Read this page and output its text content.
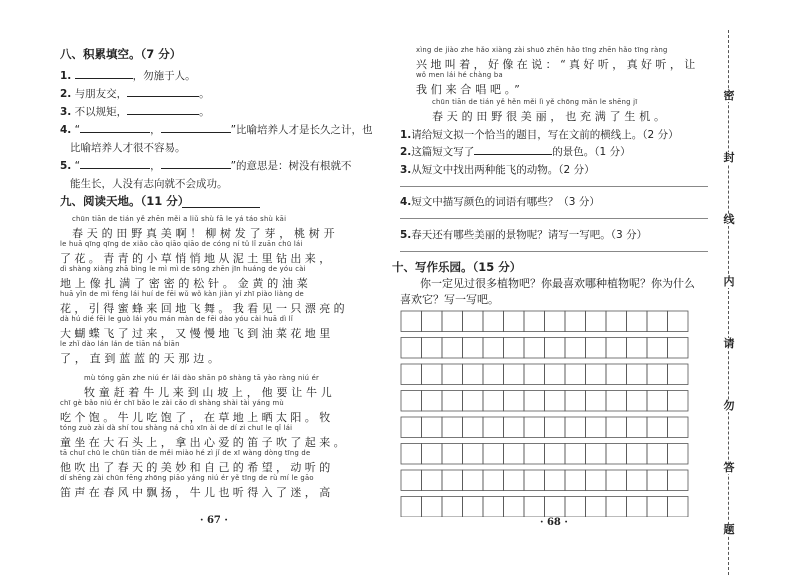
八、积累填空。（7 分）
1.	，勿施于人。
2. 与朋友交，	。
3. 不以规矩，	。
4. “	，	”比喻培养人才是长久之计，也
比喻培养人才很不容易。
5. “	，	”的意思是：树没有根就不
能生长，人没有志向就不会成功。
九、阅读天地。（11 分）
chūn tiān de tián yě zhēn měi a liǔ shù fā le yá táo shù kāi
春天的田野真美啊！柳树发了芽，桃树开
le huā qīng qīng de xiǎo cǎo qiāo qiāo de cóng ní tǔ lǐ zuān chū lái
了花。青青的小草悄悄地从泥土里钻出来，
dì shàng xiàng zhā bìng le mì mì de sōng zhēn jīn huáng de yóu cài
地上像扎满了密密的松针。金黄的油菜
huā yǐn de mì fēng lái huí de fēi wǔ wǒ kàn jiàn yí zhī piào liàng de
花，引得蜜蜂来回地飞舞。我看见一只漂亮的
dà hú dié fēi le guò lái yōu mán màn de fēi dào yóu cài huā dì lǐ
大蝴蝶飞了过来，又慢慢地飞到油菜花地里
le zhǐ dào lán lán de tiān ná biān
了，直到蓝蓝的天那边。
mù tóng gān zhe niú ér lái dào shān pō shàng tā yào ràng niú ér
牧童赶着牛儿来到山坡上，他要让牛儿
chī gè bǎo niú ér chī bǎo le zài cǎo dì shàng shài tài yáng mù
吃个饱。牛儿吃饱了，在草地上晒太阳。牧
tóng zuò zài dà shí tou shàng ná chū xīn ài de dí zi chuī le qǐ lái
童坐在大石头上，拿出心爱的笛子吹了起来。
tā chuī chū le chūn tiān de měi miào hé zì jǐ de xī wàng dòng tīng de
他吹出了春天的美妙和自己的希望，动听的
dí shēng zài chūn fēng zhōng piāo yáng niú ér yě tīng de rù mí le gāo
笛声在春风中飘扬，牛儿也听得入了迷，高
· 67 ·
xìng de jiào zhe hǎo xiàng zài shuō zhēn hǎo tīng zhēn hǎo tīng ràng
兴地叫着，好像在说：“真好听，真好听，让
wǒ men lái hé chàng ba
我们来合唱吧。”
chūn tiān de tián yě hěn měi lì yě chōng mǎn le shēng jī
春天的田野很美丽，也充满了生机。
1.请给短文拟一个恰当的题目，写在文前的横线上。（2 分）
2.这篇短文写了	的景色。（1 分）
3.从短文中找出两种能飞的动物。（2 分）
4.短文中描写颜色的词语有哪些？（3 分）
5.春天还有哪些美丽的景物呢？请写一写吧。（3 分）
十、写作乐园。（15 分）
你一定见过很多植物吧？你最喜欢哪种植物呢？你为什么
喜欢它？写一写吧。
· 68 ·
密
封
线
内
请
勿
答
题
